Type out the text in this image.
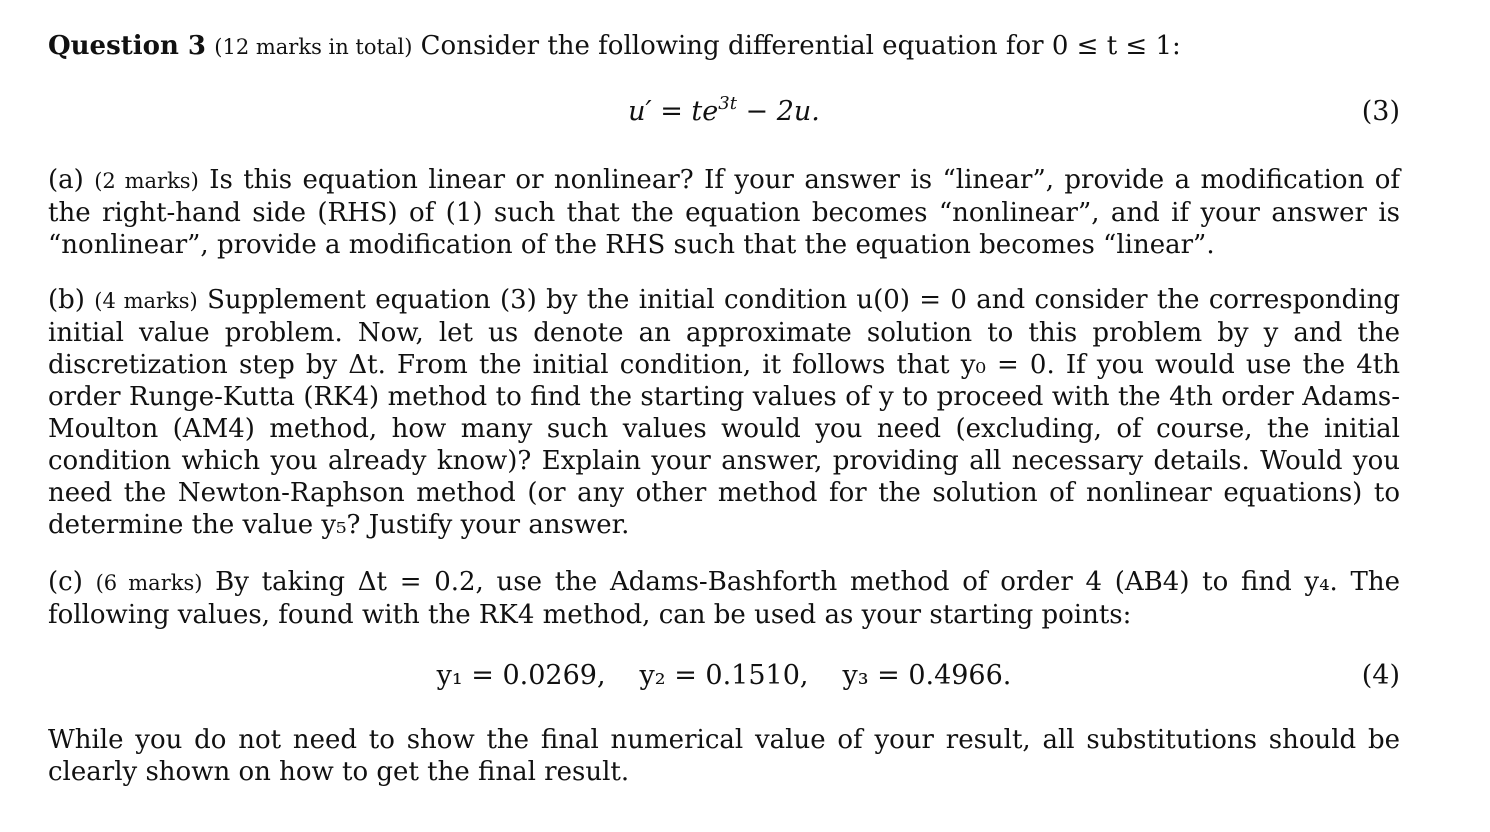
Question 3 (12 marks in total) Consider the following differential equation for 0 ≤ t ≤ 1:
$u' = te^{3t} - 2u$.	(3)
(a) (2 marks) Is this equation linear or nonlinear? If your answer is “linear”, provide a modification of the right-hand side (RHS) of (1) such that the equation becomes “nonlinear”, and if your answer is “nonlinear”, provide a modification of the RHS such that the equation becomes “linear”.
(b) (4 marks) Supplement equation (3) by the initial condition u(0) = 0 and consider the corresponding initial value problem. Now, let us denote an approximate solution to this problem by y and the discretization step by Δt. From the initial condition, it follows that y₀ = 0. If you would use the 4th order Runge-Kutta (RK4) method to find the starting values of y to proceed with the 4th order Adams-Moulton (AM4) method, how many such values would you need (excluding, of course, the initial condition which you already know)? Explain your answer, providing all necessary details. Would you need the Newton-Raphson method (or any other method for the solution of nonlinear equations) to determine the value y₅? Justify your answer.
(c) (6 marks) By taking Δt = 0.2, use the Adams-Bashforth method of order 4 (AB4) to find y₄. The following values, found with the RK4 method, can be used as your starting points:
y₁ = 0.0269, y₂ = 0.1510, y₃ = 0.4966.	(4)
While you do not need to show the final numerical value of your result, all substitutions should be clearly shown on how to get the final result.
